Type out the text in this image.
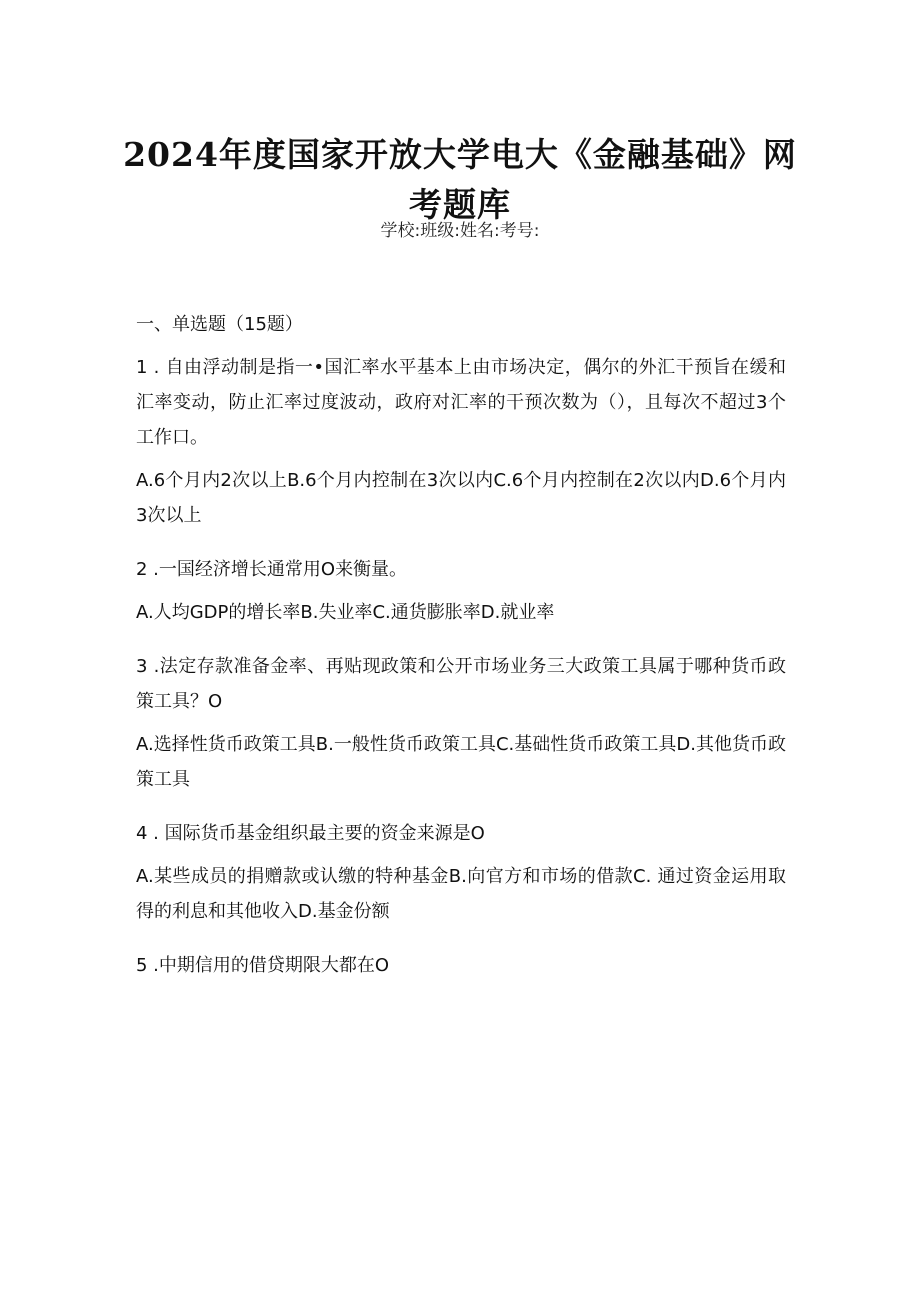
2024年度国家开放大学电大《金融基础》网
考题库
学校:班级:姓名:考号:

一、单选题（15题）

1 . 自由浮动制是指一•国汇率水平基本上由市场决定，偶尔的外汇干预旨在缓和汇率变动，防止汇率过度波动，政府对汇率的干预次数为（），且每次不超过3个工作口。

A.6个月内2次以上B.6个月内控制在3次以内C.6个月内控制在2次以内D.6个月内3次以上

2 .一国经济增长通常用O来衡量。

A.人均GDP的增长率B.失业率C.通货膨胀率D.就业率

3 .法定存款准备金率、再贴现政策和公开市场业务三大政策工具属于哪种货币政策工具？O

A.选择性货币政策工具B.一般性货币政策工具C.基础性货币政策工具D.其他货币政策工具

4 . 国际货币基金组织最主要的资金来源是O

A.某些成员的捐赠款或认缴的特种基金B.向官方和市场的借款C. 通过资金运用取得的利息和其他收入D.基金份额

5 .中期信用的借贷期限大都在O
